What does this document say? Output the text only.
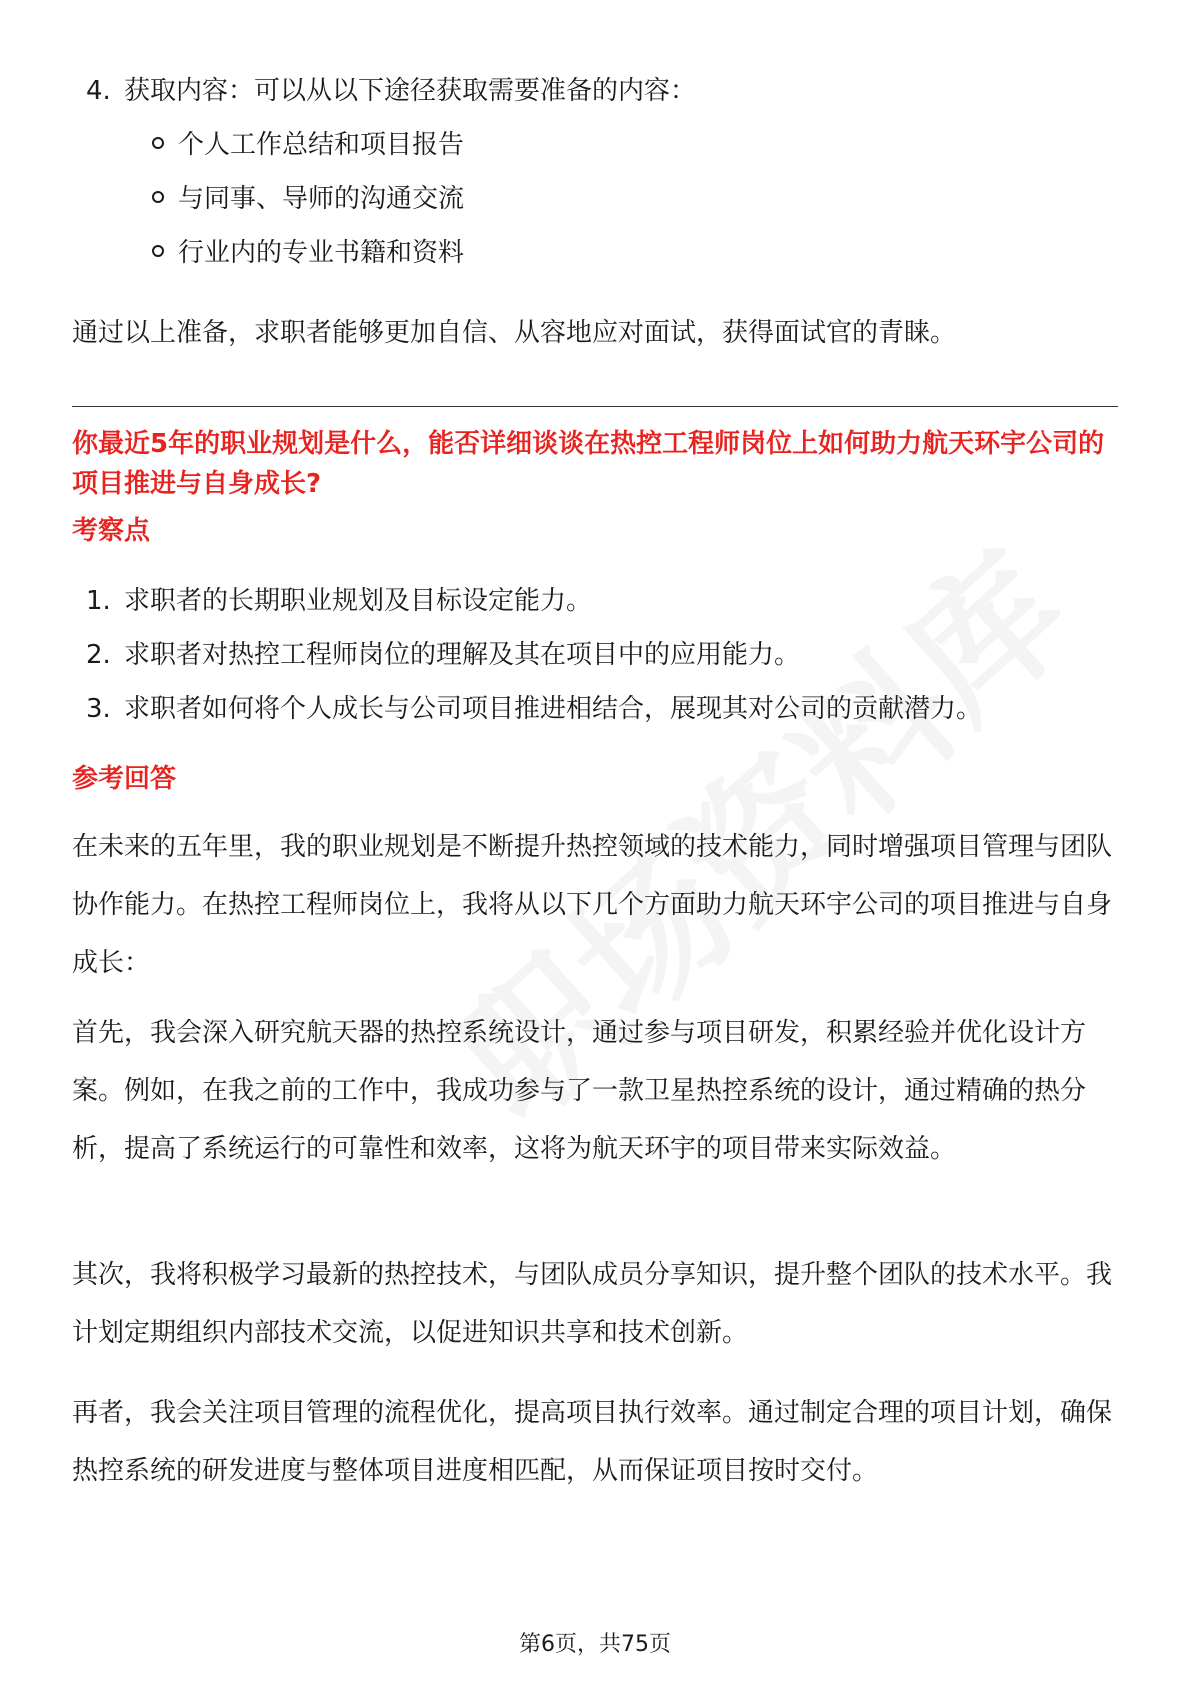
4. 获取内容：可以从以下途径获取需要准备的内容：
个人工作总结和项目报告
与同事、导师的沟通交流
行业内的专业书籍和资料
通过以上准备，求职者能够更加自信、从容地应对面试，获得面试官的青睐。
你最近5年的职业规划是什么，能否详细谈谈在热控工程师岗位上如何助力航天环宇公司的项目推进与自身成长?
考察点
1. 求职者的长期职业规划及目标设定能力。
2. 求职者对热控工程师岗位的理解及其在项目中的应用能力。
3. 求职者如何将个人成长与公司项目推进相结合，展现其对公司的贡献潜力。
参考回答
在未来的五年里，我的职业规划是不断提升热控领域的技术能力，同时增强项目管理与团队协作能力。在热控工程师岗位上，我将从以下几个方面助力航天环宇公司的项目推进与自身成长：
首先，我会深入研究航天器的热控系统设计，通过参与项目研发，积累经验并优化设计方案。例如，在我之前的工作中，我成功参与了一款卫星热控系统的设计，通过精确的热分析，提高了系统运行的可靠性和效率，这将为航天环宇的项目带来实际效益。
其次，我将积极学习最新的热控技术，与团队成员分享知识，提升整个团队的技术水平。我计划定期组织内部技术交流，以促进知识共享和技术创新。
再者，我会关注项目管理的流程优化，提高项目执行效率。通过制定合理的项目计划，确保热控系统的研发进度与整体项目进度相匹配，从而保证项目按时交付。
第6页，共75页
